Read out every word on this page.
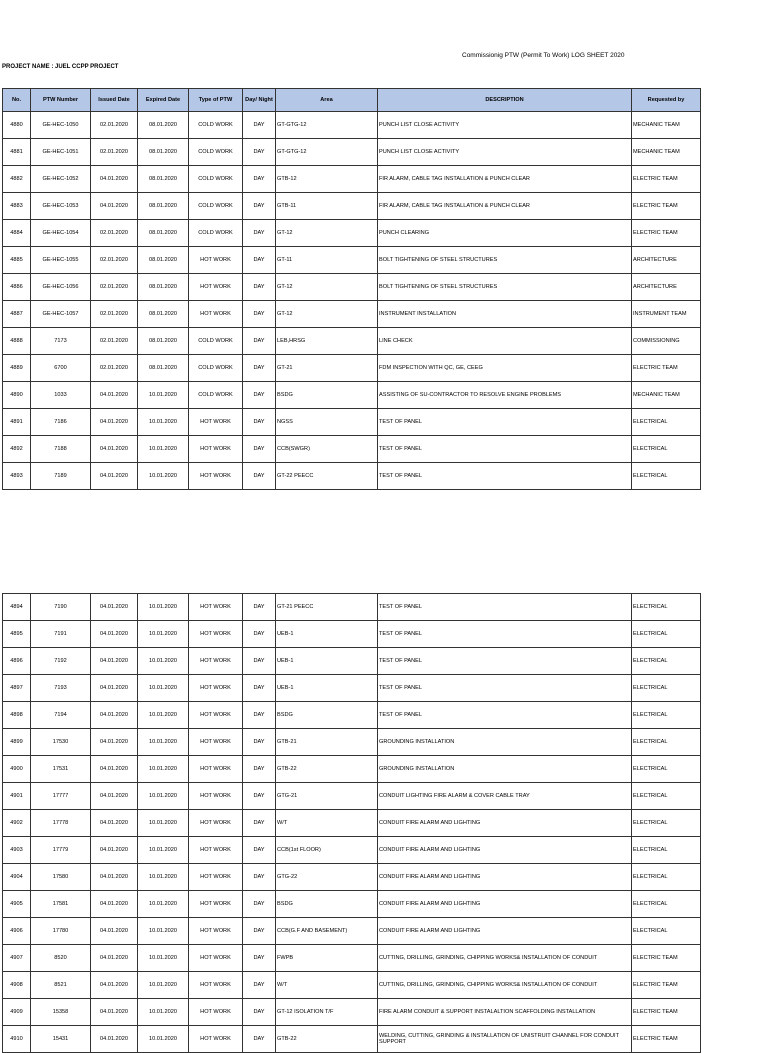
Commissionig PTW (Permit To Work) LOG SHEET 2020
PROJECT NAME : JUEL CCPP PROJECT
No.	PTW Number	Issued Date	Expired Date	Type of PTW	Day/ Night	Area	DESCRIPTION	Requested by
4880	GE-HEC-1050	02.01.2020	08.01.2020	COLD WORK	DAY	GT-GTG-12	PUNCH LIST CLOSE ACTIVITY	MECHANIC TEAM
4881	GE-HEC-1051	02.01.2020	08.01.2020	COLD WORK	DAY	GT-GTG-12	PUNCH LIST CLOSE ACTIVITY	MECHANIC TEAM
4882	GE-HEC-1052	04.01.2020	08.01.2020	COLD WORK	DAY	GTB-12	FIR ALARM, CABLE TAG INSTALLATION & PUNCH CLEAR	ELECTRIC TEAM
4883	GE-HEC-1053	04.01.2020	08.01.2020	COLD WORK	DAY	GTB-11	FIR ALARM, CABLE TAG INSTALLATION & PUNCH CLEAR	ELECTRIC TEAM
4884	GE-HEC-1054	02.01.2020	08.01.2020	COLD WORK	DAY	GT-12	PUNCH CLEARING	ELECTRIC TEAM
4885	GE-HEC-1055	02.01.2020	08.01.2020	HOT WORK	DAY	GT-11	BOLT TIGHTENING OF STEEL STRUCTURES	ARCHITECTURE
4886	GE-HEC-1056	02.01.2020	08.01.2020	HOT WORK	DAY	GT-12	BOLT TIGHTENING OF STEEL STRUCTURES	ARCHITECTURE
4887	GE-HEC-1057	02.01.2020	08.01.2020	HOT WORK	DAY	GT-12	INSTRUMENT INSTALLATION	INSTRUMENT TEAM
4888	7173	02.01.2020	08.01.2020	COLD WORK	DAY	LEB,HRSG	LINE CHECK	COMMISSIONING
4889	6700	02.01.2020	08.01.2020	COLD WORK	DAY	GT-21	FDM INSPECTION WITH QC, GE, CEEG	ELECTRIC TEAM
4890	1033	04.01.2020	10.01.2020	COLD WORK	DAY	BSDG	ASSISTING OF SU-CONTRACTOR TO RESOLVE ENGINE PROBLEMS	MECHANIC TEAM
4891	7186	04.01.2020	10.01.2020	HOT WORK	DAY	NGSS	TEST OF PANEL	ELECTRICAL
4892	7188	04.01.2020	10.01.2020	HOT WORK	DAY	CCB(SWGR)	TEST OF PANEL	ELECTRICAL
4893	7189	04.01.2020	10.01.2020	HOT WORK	DAY	GT-22 PEECC	TEST OF PANEL	ELECTRICAL
4894	7190	04.01.2020	10.01.2020	HOT WORK	DAY	GT-21 PEECC	TEST OF PANEL	ELECTRICAL
4895	7191	04.01.2020	10.01.2020	HOT WORK	DAY	UEB-1	TEST OF PANEL	ELECTRICAL
4896	7192	04.01.2020	10.01.2020	HOT WORK	DAY	UEB-1	TEST OF PANEL	ELECTRICAL
4897	7193	04.01.2020	10.01.2020	HOT WORK	DAY	UEB-1	TEST OF PANEL	ELECTRICAL
4898	7194	04.01.2020	10.01.2020	HOT WORK	DAY	BSDG	TEST OF PANEL	ELECTRICAL
4899	17530	04.01.2020	10.01.2020	HOT WORK	DAY	GTB-21	GROUNDING INSTALLATION	ELECTRICAL
4900	17531	04.01.2020	10.01.2020	HOT WORK	DAY	GTB-22	GROUNDING INSTALLATION	ELECTRICAL
4901	17777	04.01.2020	10.01.2020	HOT WORK	DAY	GTG-21	CONDUIT LIGHTING FIRE ALARM & COVER CABLE TRAY	ELECTRICAL
4902	17778	04.01.2020	10.01.2020	HOT WORK	DAY	W/T	CONDUIT FIRE ALARM AND LIGHTING	ELECTRICAL
4903	17779	04.01.2020	10.01.2020	HOT WORK	DAY	CCB(1st FLOOR)	CONDUIT FIRE ALARM AND LIGHTING	ELECTRICAL
4904	17580	04.01.2020	10.01.2020	HOT WORK	DAY	GTG-22	CONDUIT FIRE ALARM AND LIGHTING	ELECTRICAL
4905	17581	04.01.2020	10.01.2020	HOT WORK	DAY	BSDG	CONDUIT FIRE ALARM AND LIGHTING	ELECTRICAL
4906	17780	04.01.2020	10.01.2020	HOT WORK	DAY	CCB(G.F AND BASEMENT)	CONDUIT FIRE ALARM AND LIGHTING	ELECTRICAL
4907	8520	04.01.2020	10.01.2020	HOT WORK	DAY	FWPB	CUTTING, DRILLING, GRINDING, CHIPPING WORKS& INSTALLATION OF CONDUIT	ELECTRIC TEAM
4908	8521	04.01.2020	10.01.2020	HOT WORK	DAY	W/T	CUTTING, DRILLING, GRINDING, CHIPPING WORKS& INSTALLATION OF CONDUIT	ELECTRIC TEAM
4909	15358	04.01.2020	10.01.2020	HOT WORK	DAY	GT-12 ISOLATION T/F	FIRE ALARM CONDUIT & SUPPORT INSTALALTION SCAFFOLDING INSTALLATION	ELECTRIC TEAM
4910	15431	04.01.2020	10.01.2020	HOT WORK	DAY	GTB-22	WELDING, CUTTING, GRINDING & INSTALLATION OF UNISTRUIT CHANNEL FOR CONDUIT SUPPORT	ELECTRIC TEAM
